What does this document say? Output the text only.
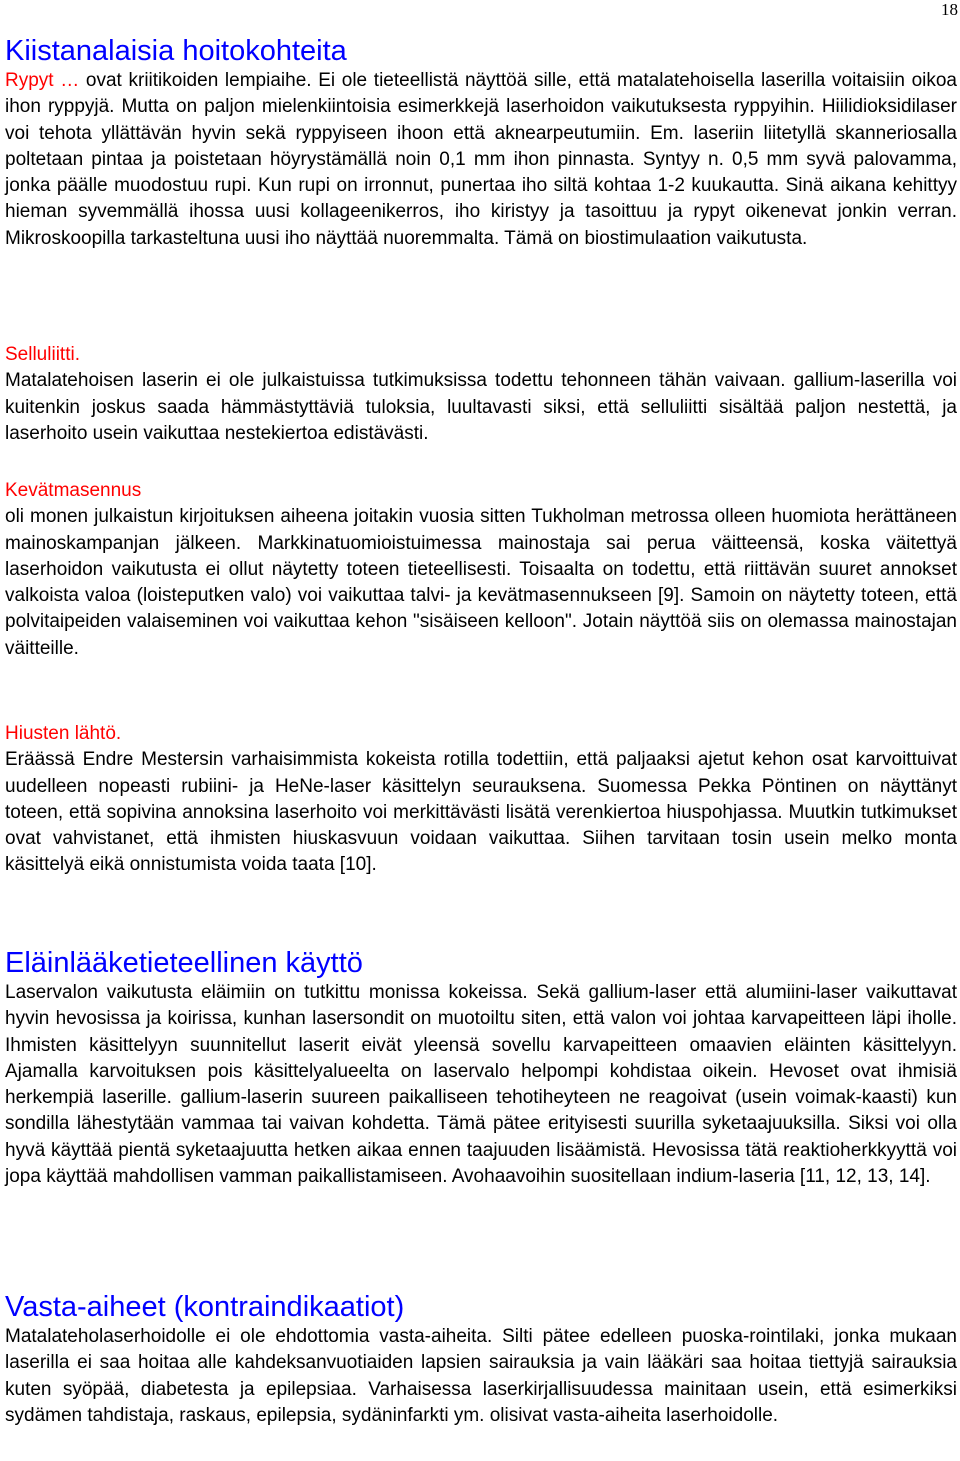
18
Kiistanalaisia hoitokohteita

Rypyt … ovat kriitikoiden lempiaihe. Ei ole tieteellistä näyttöä sille, että matalatehoisella laserilla voitaisiin oikoa ihon ryppyjä. Mutta on paljon mielenkiintoisia esimerkkejä laserhoidon vaikutuksesta ryppyihin. Hiilidioksidilaser voi tehota yllättävän hyvin sekä ryppyiseen ihoon että aknearpeutumiin. Em. laseriin liitetyllä skanneriosalla poltetaan pintaa ja poistetaan höyrystämällä noin 0,1 mm ihon pinnasta. Syntyy n. 0,5 mm syvä palovamma, jonka päälle muodostuu rupi. Kun rupi on irronnut, punertaa iho siltä kohtaa 1-2 kuukautta. Sinä aikana kehittyy hieman syvemmällä ihossa uusi kollageenikerros, iho kiristyy ja tasoittuu ja rypyt oikenevat jonkin verran. Mikroskoopilla tarkasteltuna uusi iho näyttää nuoremmalta. Tämä on biostimulaation vaikutusta.

Selluliitti.

Matalatehoisen laserin ei ole julkaistuissa tutkimuksissa todettu tehonneen tähän vaivaan. gallium-laserilla voi kuitenkin joskus saada hämmästyttäviä tuloksia, luultavasti siksi, että selluliitti sisältää paljon nestettä, ja laserhoito usein vaikuttaa nestekiertoa edistävästi.

Kevätmasennus

oli monen julkaistun kirjoituksen aiheena joitakin vuosia sitten Tukholman metrossa olleen huomiota herättäneen mainoskampanjan jälkeen. Markkinatuomioistuimessa mainostaja sai perua väitteensä, koska väitettyä laserhoidon vaikutusta ei ollut näytetty toteen tieteellisesti. Toisaalta on todettu, että riittävän suuret annokset valkoista valoa (loisteputken valo) voi vaikuttaa talvi- ja kevätmasennukseen [9]. Samoin on näytetty toteen, että polvitaipeiden valaiseminen voi vaikuttaa kehon "sisäiseen kelloon". Jotain näyttöä siis on olemassa mainostajan väitteille.

Hiusten lähtö.

Eräässä Endre Mestersin varhaisimmista kokeista rotilla todettiin, että paljaaksi ajetut kehon osat karvoittuivat uudelleen nopeasti rubiini- ja HeNe-laser käsittelyn seurauksena. Suomessa Pekka Pöntinen on näyttänyt toteen, että sopivina annoksina laserhoito voi merkittävästi lisätä verenkiertoa hiuspohjassa. Muutkin tutkimukset ovat vahvistanet, että ihmisten hiuskasvuun voidaan vaikuttaa. Siihen tarvitaan tosin usein melko monta käsittelyä eikä onnistumista voida taata [10].

Eläinlääketieteellinen käyttö

Laservalon vaikutusta eläimiin on tutkittu monissa kokeissa. Sekä gallium-laser että alumiini-laser vaikuttavat hyvin hevosissa ja koirissa, kunhan lasersondit on muotoiltu siten, että valon voi johtaa karvapeitteen läpi iholle. Ihmisten käsittelyyn suunnitellut laserit eivät yleensä sovellu karvapeitteen omaavien eläinten käsittelyyn. Ajamalla karvoituksen pois käsittelyalueelta on laservalo helpompi kohdistaa oikein. Hevoset ovat ihmisiä herkempiä laserille. gallium-laserin suureen paikalliseen tehotiheyteen ne reagoivat (usein voimak-kaasti) kun sondilla lähestytään vammaa tai vaivan kohdetta. Tämä pätee erityisesti suurilla syketaajuuksilla. Siksi voi olla hyvä käyttää pientä syketaajuutta hetken aikaa ennen taajuuden lisäämistä. Hevosissa tätä reaktioherkkyyttä voi jopa käyttää mahdollisen vamman paikallistamiseen. Avohaavoihin suositellaan indium-laseria [11, 12, 13, 14].

Vasta-aiheet (kontraindikaatiot)

Matalateholaserhoidolle ei ole ehdottomia vasta-aiheita. Silti pätee edelleen puoska-rointilaki, jonka mukaan laserilla ei saa hoitaa alle kahdeksanvuotiaiden lapsien sairauksia ja vain lääkäri saa hoitaa tiettyjä sairauksia kuten syöpää, diabetesta ja epilepsiaa. Varhaisessa laserkirjallisuudessa mainitaan usein, että esimerkiksi sydämen tahdistaja, raskaus, epilepsia, sydäninfarkti ym. olisivat vasta-aiheita laserhoidolle.
